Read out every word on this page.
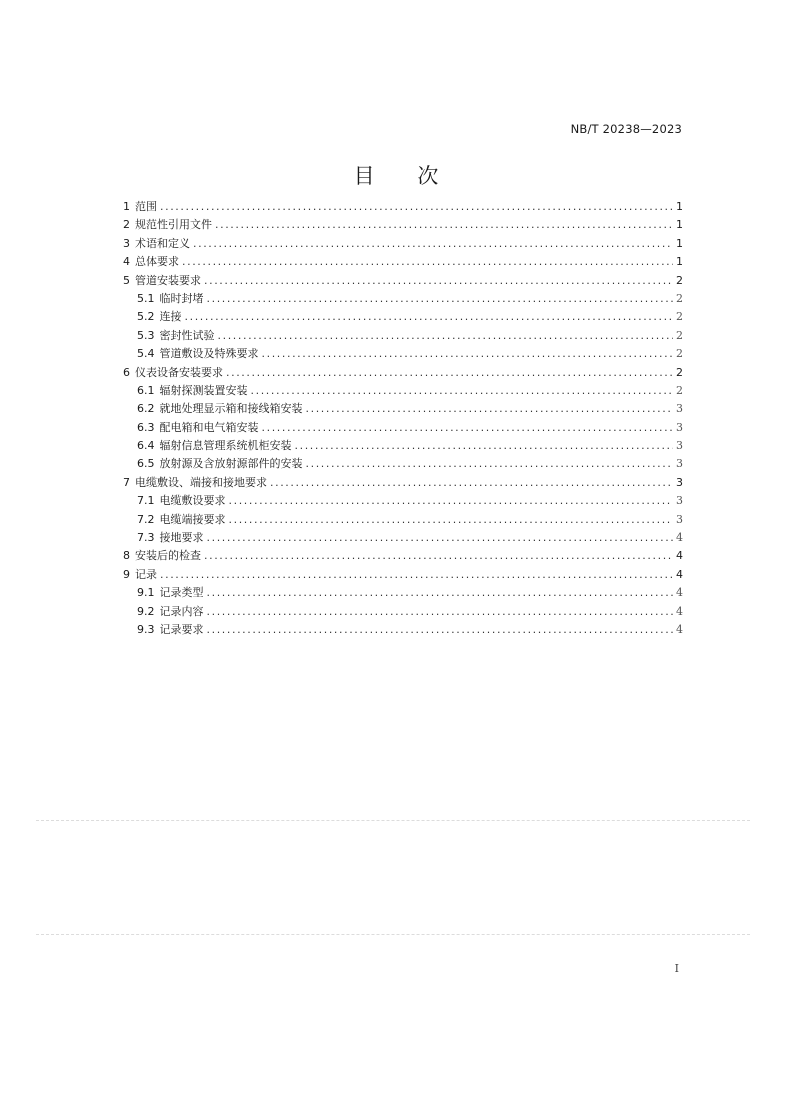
NB/T 20238—2023
目 次
1 范围 .....	1
2 规范性引用文件 .....	1
3 术语和定义 .....	1
4 总体要求 .....	1
5 管道安装要求 .....	2
5.1 临时封堵 .....	2
5.2 连接 .....	2
5.3 密封性试验 .....	2
5.4 管道敷设及特殊要求 .....	2
6 仪表设备安装要求 .....	2
6.1 辐射探测装置安装 .....	2
6.2 就地处理显示箱和接线箱安装 .....	3
6.3 配电箱和电气箱安装 .....	3
6.4 辐射信息管理系统机柜安装 .....	3
6.5 放射源及含放射源部件的安装 .....	3
7 电缆敷设、端接和接地要求 .....	3
7.1 电缆敷设要求 .....	3
7.2 电缆端接要求 .....	3
7.3 接地要求 .....	4
8 安装后的检查 .....	4
9 记录 .....	4
9.1 记录类型 .....	4
9.2 记录内容 .....	4
9.3 记录要求 .....	4
I
